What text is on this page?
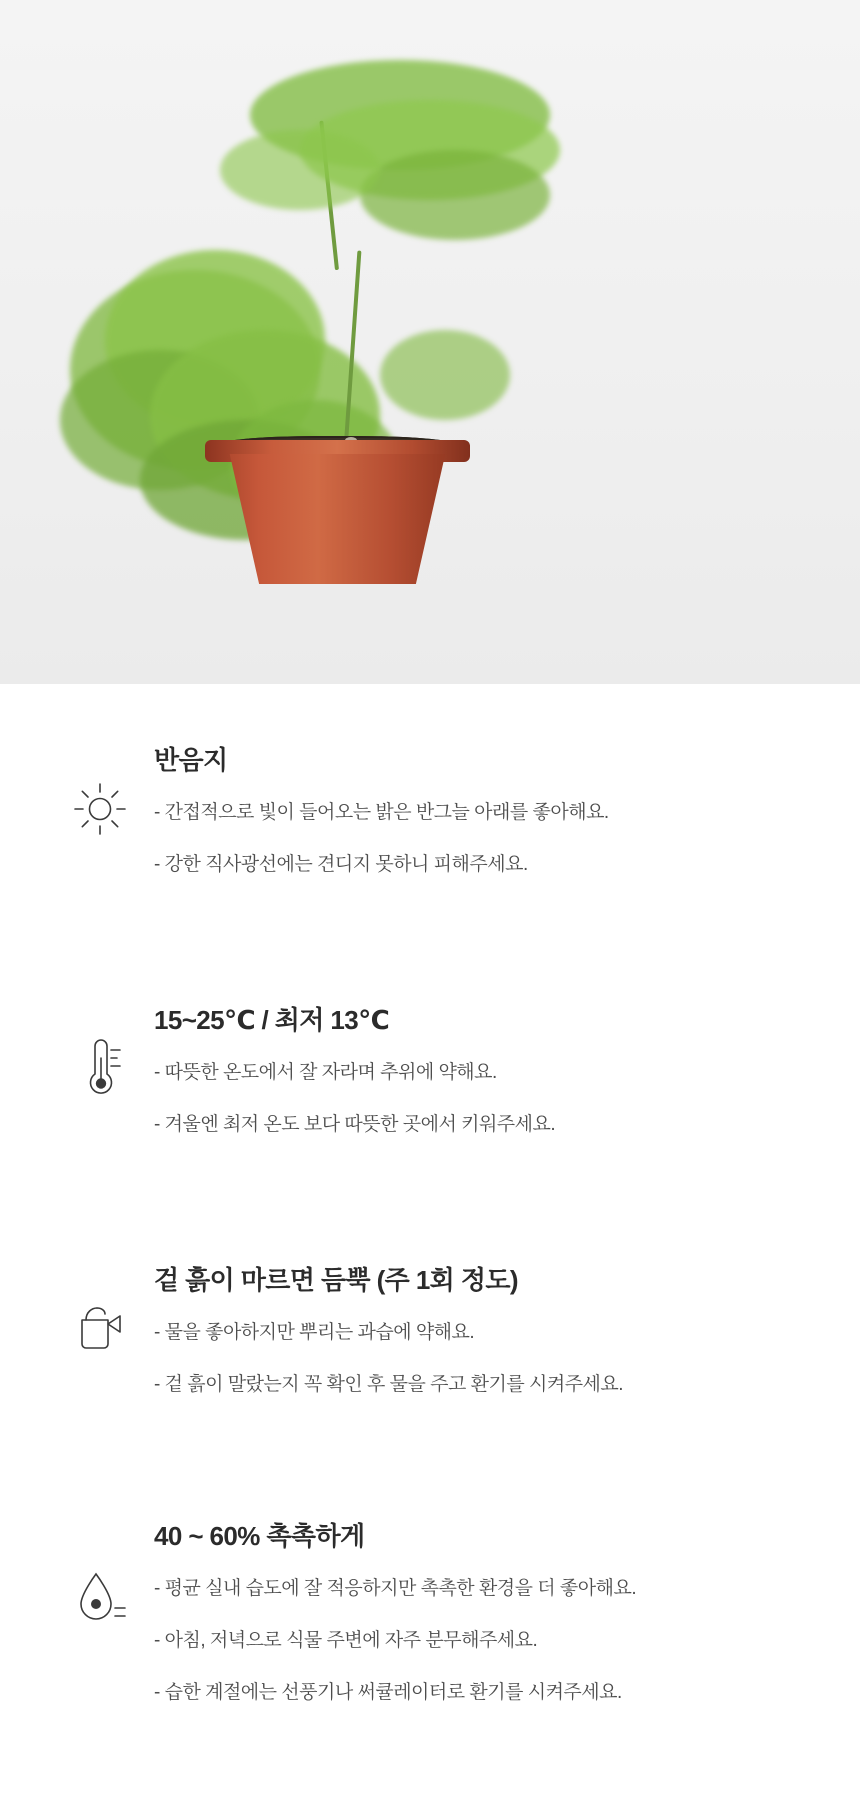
반음지

- 간접적으로 빛이 들어오는 밝은 반그늘 아래를 좋아해요.

- 강한 직사광선에는 견디지 못하니 피해주세요.

15~25℃ / 최저 13℃

- 따뜻한 온도에서 잘 자라며 추위에 약해요.

- 겨울엔 최저 온도 보다 따뜻한 곳에서 키워주세요.

겉 흙이 마르면 듬뿍 (주 1회 정도)

- 물을 좋아하지만 뿌리는 과습에 약해요.

- 겉 흙이 말랐는지 꼭 확인 후 물을 주고 환기를 시켜주세요.

40 ~ 60% 촉촉하게

- 평균 실내 습도에 잘 적응하지만 촉촉한 환경을 더 좋아해요.

- 아침, 저녁으로 식물 주변에 자주 분무해주세요.

- 습한 계절에는 선풍기나 써큘레이터로 환기를 시켜주세요.
